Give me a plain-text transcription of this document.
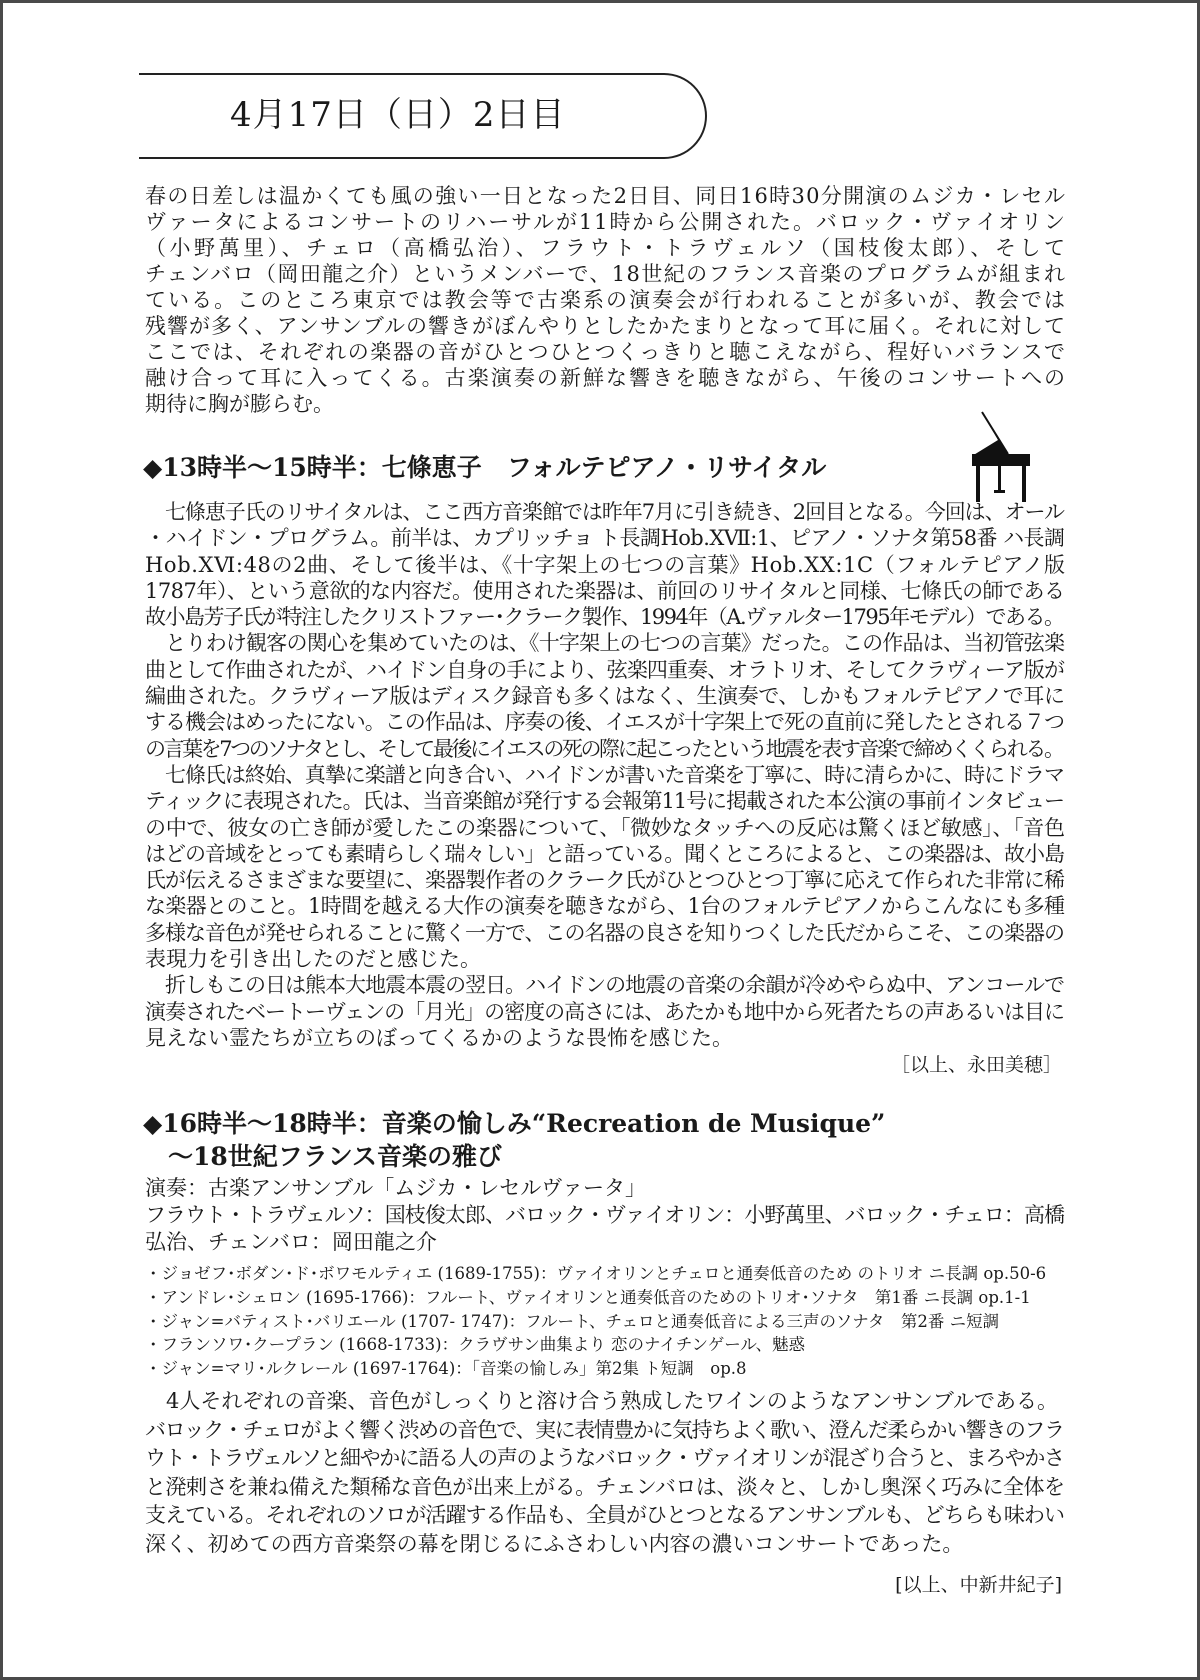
4月17日（日）2日目
春の日差しは温かくても風の強い一日となった2日目、同日16時30分開演のムジカ・レセル
ヴァータによるコンサートのリハーサルが11時から公開された。バロック・ヴァイオリン
（小野萬里）、チェロ（高橋弘治）、フラウト・トラヴェルソ（国枝俊太郎）、そして
チェンバロ（岡田龍之介）というメンバーで、18世紀のフランス音楽のプログラムが組まれ
ている。このところ東京では教会等で古楽系の演奏会が行われることが多いが、教会では
残響が多く、アンサンブルの響きがぼんやりとしたかたまりとなって耳に届く。それに対して
ここでは、それぞれの楽器の音がひとつひとつくっきりと聴こえながら、程好いバランスで
融け合って耳に入ってくる。古楽演奏の新鮮な響きを聴きながら、午後のコンサートへの
期待に胸が膨らむ。
◆13時半～15時半：七條恵子　フォルテピアノ・リサイタル
　七條恵子氏のリサイタルは、ここ西方音楽館では昨年7月に引き続き、2回目となる。今回は、オール
・ハイドン・プログラム。前半は、カプリッチョ ト長調Hob.ⅩⅦ:1、ピアノ・ソナタ第58番 ハ長調
Hob.ⅩⅥ:48の2曲、そして後半は、《十字架上の七つの言葉》Hob.ⅩⅩ:1C（フォルテピアノ版
1787年）、という意欲的な内容だ。使用された楽器は、前回のリサイタルと同様、七條氏の師である
故小島芳子氏が特注したクリストファー･クラーク製作、1994年（A.ヴァルター1795年モデル）である。
　とりわけ観客の関心を集めていたのは、《十字架上の七つの言葉》だった。この作品は、当初管弦楽
曲として作曲されたが、ハイドン自身の手により、弦楽四重奏、オラトリオ、そしてクラヴィーア版が
編曲された。クラヴィーア版はディスク録音も多くはなく、生演奏で、しかもフォルテピアノで耳に
する機会はめったにない。この作品は、序奏の後、イエスが十字架上で死の直前に発したとされる７つ
の言葉を7つのソナタとし、そして最後にイエスの死の際に起こったという地震を表す音楽で締めくくられる。
　七條氏は終始、真摯に楽譜と向き合い、ハイドンが書いた音楽を丁寧に、時に清らかに、時にドラマ
ティックに表現された。氏は、当音楽館が発行する会報第11号に掲載された本公演の事前インタビュー
の中で、彼女の亡き師が愛したこの楽器について、「微妙なタッチへの反応は驚くほど敏感」、「音色
はどの音域をとっても素晴らしく瑞々しい」と語っている。聞くところによると、この楽器は、故小島
氏が伝えるさまざまな要望に、楽器製作者のクラーク氏がひとつひとつ丁寧に応えて作られた非常に稀
な楽器とのこと。1時間を越える大作の演奏を聴きながら、1台のフォルテピアノからこんなにも多種
多様な音色が発せられることに驚く一方で、この名器の良さを知りつくした氏だからこそ、この楽器の
表現力を引き出したのだと感じた。
　折しもこの日は熊本大地震本震の翌日。ハイドンの地震の音楽の余韻が冷めやらぬ中、アンコールで
演奏されたベートーヴェンの「月光」の密度の高さには、あたかも地中から死者たちの声あるいは目に
見えない霊たちが立ちのぼってくるかのような畏怖を感じた。
［以上、永田美穂］
◆16時半～18時半：音楽の愉しみ“Recreation de Musique”
　～18世紀フランス音楽の雅び
演奏：古楽アンサンブル「ムジカ・レセルヴァータ」
フラウト・トラヴェルソ：国枝俊太郎、バロック・ヴァイオリン：小野萬里、バロック・チェロ：高橋
弘治、チェンバロ：岡田龍之介
・ジョゼフ･ボダン･ド･ボワモルティエ (1689-1755)：ヴァイオリンとチェロと通奏低音のため のトリオ ニ長調 op.50-6
・アンドレ･シェロン (1695-1766)：フルート、ヴァイオリンと通奏低音のためのトリオ･ソナタ　第1番 ニ長調 op.1-1
・ジャン=バティスト･バリエール (1707- 1747)：フルート、チェロと通奏低音による三声のソナタ　第2番 ニ短調
・フランソワ･クープラン (1668-1733)：クラヴサン曲集より 恋のナイチンゲール、魅惑
・ジャン=マリ･ルクレール (1697-1764)：「音楽の愉しみ」第2集 ト短調　op.8
　4人それぞれの音楽、音色がしっくりと溶け合う熟成したワインのようなアンサンブルである。
バロック・チェロがよく響く渋めの音色で、実に表情豊かに気持ちよく歌い、澄んだ柔らかい響きのフラ
ウト・トラヴェルソと細やかに語る人の声のようなバロック・ヴァイオリンが混ざり合うと、まろやかさ
と溌剌さを兼ね備えた類稀な音色が出来上がる。チェンバロは、淡々と、しかし奥深く巧みに全体を
支えている。それぞれのソロが活躍する作品も、全員がひとつとなるアンサンブルも、どちらも味わい
深く、初めての西方音楽祭の幕を閉じるにふさわしい内容の濃いコンサートであった。
[以上、中新井紀子]
